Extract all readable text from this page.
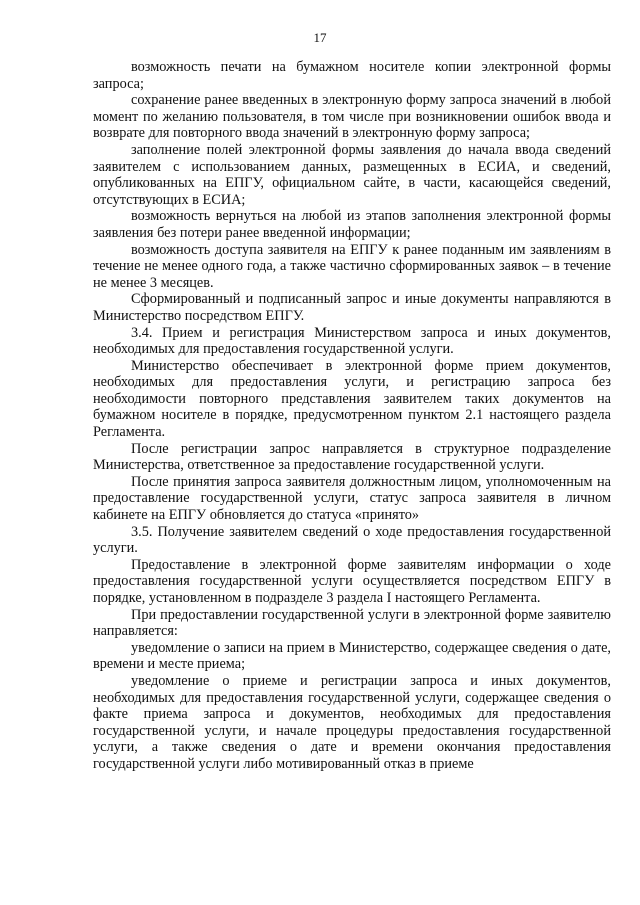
17

возможность печати на бумажном носителе копии электронной формы запроса;

сохранение ранее введенных в электронную форму запроса значений в любой момент по желанию пользователя, в том числе при возникновении ошибок ввода и возврате для повторного ввода значений в электронную форму запроса;

заполнение полей электронной формы заявления до начала ввода сведений заявителем с использованием данных, размещенных в ЕСИА, и сведений, опубликованных на ЕПГУ, официальном сайте, в части, касающейся сведений, отсутствующих в ЕСИА;

возможность вернуться на любой из этапов заполнения электронной формы заявления без потери ранее введенной информации;

возможность доступа заявителя на ЕПГУ к ранее поданным им заявлениям в течение не менее одного года, а также частично сформированных заявок – в течение не менее 3 месяцев.

Сформированный и подписанный запрос и иные документы направляются в Министерство посредством ЕПГУ.

3.4. Прием и регистрация Министерством запроса и иных документов, необходимых для предоставления государственной услуги.

Министерство обеспечивает в электронной форме прием документов, необходимых для предоставления услуги, и регистрацию запроса без необходимости повторного представления заявителем таких документов на бумажном носителе в порядке, предусмотренном пунктом 2.1 настоящего раздела Регламента.

После регистрации запрос направляется в структурное подразделение Министерства, ответственное за предоставление государственной услуги.

После принятия запроса заявителя должностным лицом, уполномоченным на предоставление государственной услуги, статус запроса заявителя в личном кабинете на ЕПГУ обновляется до статуса «принято»

3.5. Получение заявителем сведений о ходе предоставления государственной услуги.

Предоставление в электронной форме заявителям информации о ходе предоставления государственной услуги осуществляется посредством ЕПГУ в порядке, установленном в подразделе 3 раздела I настоящего Регламента.

При предоставлении государственной услуги в электронной форме заявителю направляется:

уведомление о записи на прием в Министерство, содержащее сведения о дате, времени и месте приема;

уведомление о приеме и регистрации запроса и иных документов, необходимых для предоставления государственной услуги, содержащее сведения о факте приема запроса и документов, необходимых для предоставления государственной услуги, и начале процедуры предоставления государственной услуги, а также сведения о дате и времени окончания предоставления государственной услуги либо мотивированный отказ в приеме
